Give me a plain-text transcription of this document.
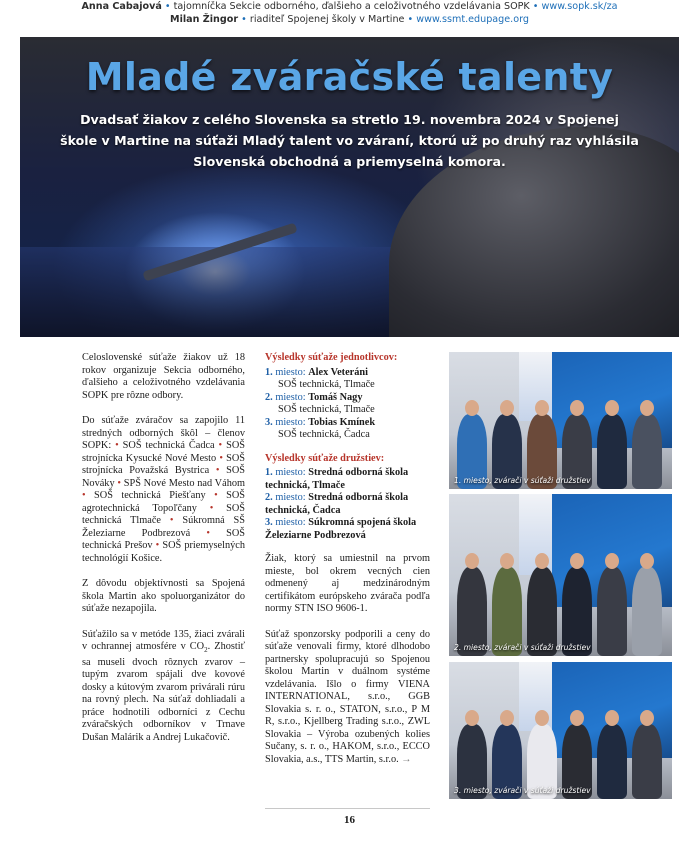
Anna Cabajová • tajomníčka Sekcie odborného, ďalšieho a celoživotného vzdelávania SOPK • www.sopk.sk/za
Milan Žingor • riaditeľ Spojenej školy v Martine • www.ssmt.edupage.org
Mladé zváračské talenty

Dvadsať žiakov z celého Slovenska sa stretlo 19. novembra 2024 v Spojenej škole v Martine na súťaži Mladý talent vo zváraní, ktorú už po druhý raz vyhlásila Slovenská obchodná a priemyselná komora.

Celoslovenské súťaže žiakov už 18 rokov organizuje Sekcia odborného, ďalšieho a celoživotného vzdelávania SOPK pre rôzne odbory.

Do súťaže zváračov sa zapojilo 11 stredných odborných škôl – členov SOPK: • SOŠ technická Čadca • SOŠ strojnícka Kysucké Nové Mesto • SOŠ strojnícka Považská Bystrica • SOŠ Nováky • SPŠ Nové Mesto nad Váhom • SOŠ technická Piešťany • SOŠ agrotechnická Topoľčany • SOŠ technická Tlmače • Súkromná SŠ Železiarne Podbrezová • SOŠ technická Prešov • SOŠ priemyselných technológií Košice.

Z dôvodu objektívnosti sa Spojená škola Martin ako spoluorganizátor do súťaže nezapojila.

Súťažilo sa v metóde 135, žiaci zvárali v ochrannej atmosfére v $CO_2$. Zhostiť sa museli dvoch rôznych zvarov – tupým zvarom spájali dve kovové dosky a kútovým zvarom privárali rúru na rovný plech. Na súťaž dohliadali a práce hodnotili odborníci z Cechu zváračských odborníkov v Trnave Dušan Malárik a Andrej Lukačovič.

Výsledky súťaže jednotlivcov:
1. miesto: Alex Veteráni
SOŠ technická, Tlmače
2. miesto: Tomáš Nagy
SOŠ technická, Tlmače
3. miesto: Tobias Kmínek
SOŠ technická, Čadca
Výsledky súťaže družstiev:
1. miesto: Stredná odborná škola technická, Tlmače
2. miesto: Stredná odborná škola technická, Čadca
3. miesto: Súkromná spojená škola Železiarne Podbrezová

Žiak, ktorý sa umiestnil na prvom mieste, bol okrem vecných cien odmenený aj medzinárodným certifikátom európskeho zvárača podľa normy STN ISO 9606-1.

Súťaž sponzorsky podporili a ceny do súťaže venovali firmy, ktoré dlhodobo partnersky spolupracujú so Spojenou školou Martin v duálnom systéme vzdelávania. Išlo o firmy VIENA INTERNATIONAL, s.r.o., GGB Slovakia s. r. o., STATON, s.r.o., P M R, s.r.o., Kjellberg Trading s.r.o., ZWL Slovakia – Výroba ozubených kolies Sučany, s. r. o., HAKOM, s.r.o., ECCO Slovakia, a.s., TTS Martin, s.r.o. →

16
1. miesto, zvárači v súťaži družstiev
2. miesto, zvárači v súťaži družstiev
3. miesto, zvárači v súťaži družstiev
